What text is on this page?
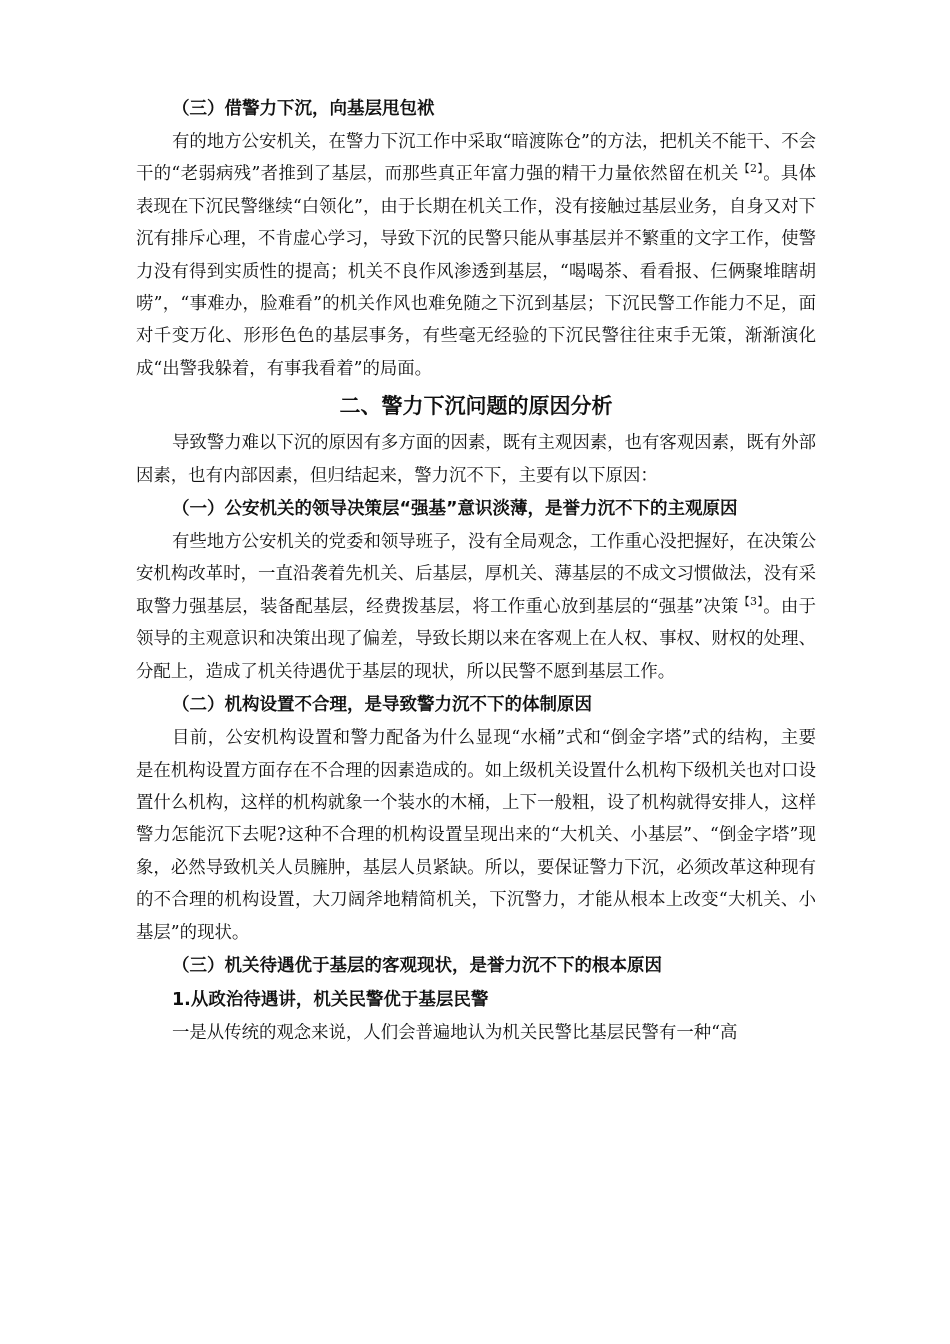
（三）借警力下沉，向基层甩包袱

有的地方公安机关，在警力下沉工作中采取“暗渡陈仓”的方法，把机关不能干、不会干的“老弱病残”者推到了基层，而那些真正年富力强的精干力量依然留在机关$^{【2】}$。具体表现在下沉民警继续“白领化”，由于长期在机关工作，没有接触过基层业务，自身又对下沉有排斥心理，不肯虚心学习，导致下沉的民警只能从事基层并不繁重的文字工作，使警力没有得到实质性的提高；机关不良作风渗透到基层，“喝喝茶、看看报、仨俩聚堆瞎胡唠”，“事难办，脸难看”的机关作风也难免随之下沉到基层；下沉民警工作能力不足，面对千变万化、形形色色的基层事务，有些毫无经验的下沉民警往往束手无策，渐渐演化成“出警我躲着，有事我看着”的局面。

二、警力下沉问题的原因分析

导致警力难以下沉的原因有多方面的因素，既有主观因素，也有客观因素，既有外部因素，也有内部因素，但归结起来，警力沉不下，主要有以下原因：

（一）公安机关的领导决策层“强基”意识淡薄，是誉力沉不下的主观原因

有些地方公安机关的党委和领导班子，没有全局观念，工作重心没把握好，在决策公安机构改革时，一直沿袭着先机关、后基层，厚机关、薄基层的不成文习惯做法，没有采取警力强基层，装备配基层，经费拨基层，将工作重心放到基层的“强基”决策$^{【3】}$。由于领导的主观意识和决策出现了偏差，导致长期以来在客观上在人权、事权、财权的处理、分配上，造成了机关待遇优于基层的现状，所以民警不愿到基层工作。

（二）机构设置不合理，是导致警力沉不下的体制原因

目前，公安机构设置和警力配备为什么显现“水桶”式和“倒金字塔”式的结构，主要是在机构设置方面存在不合理的因素造成的。如上级机关设置什么机构下级机关也对口设置什么机构，这样的机构就象一个装水的木桶，上下一般粗，设了机构就得安排人，这样警力怎能沉下去呢?这种不合理的机构设置呈现出来的“大机关、小基层”、“倒金字塔”现象，必然导致机关人员臃肿，基层人员紧缺。所以，要保证警力下沉，必须改革这种现有的不合理的机构设置，大刀阔斧地精简机关，下沉警力，才能从根本上改变“大机关、小基层”的现状。

（三）机关待遇优于基层的客观现状，是誉力沉不下的根本原因

1.从政治待遇讲，机关民警优于基层民警

一是从传统的观念来说，人们会普遍地认为机关民警比基层民警有一种“高
